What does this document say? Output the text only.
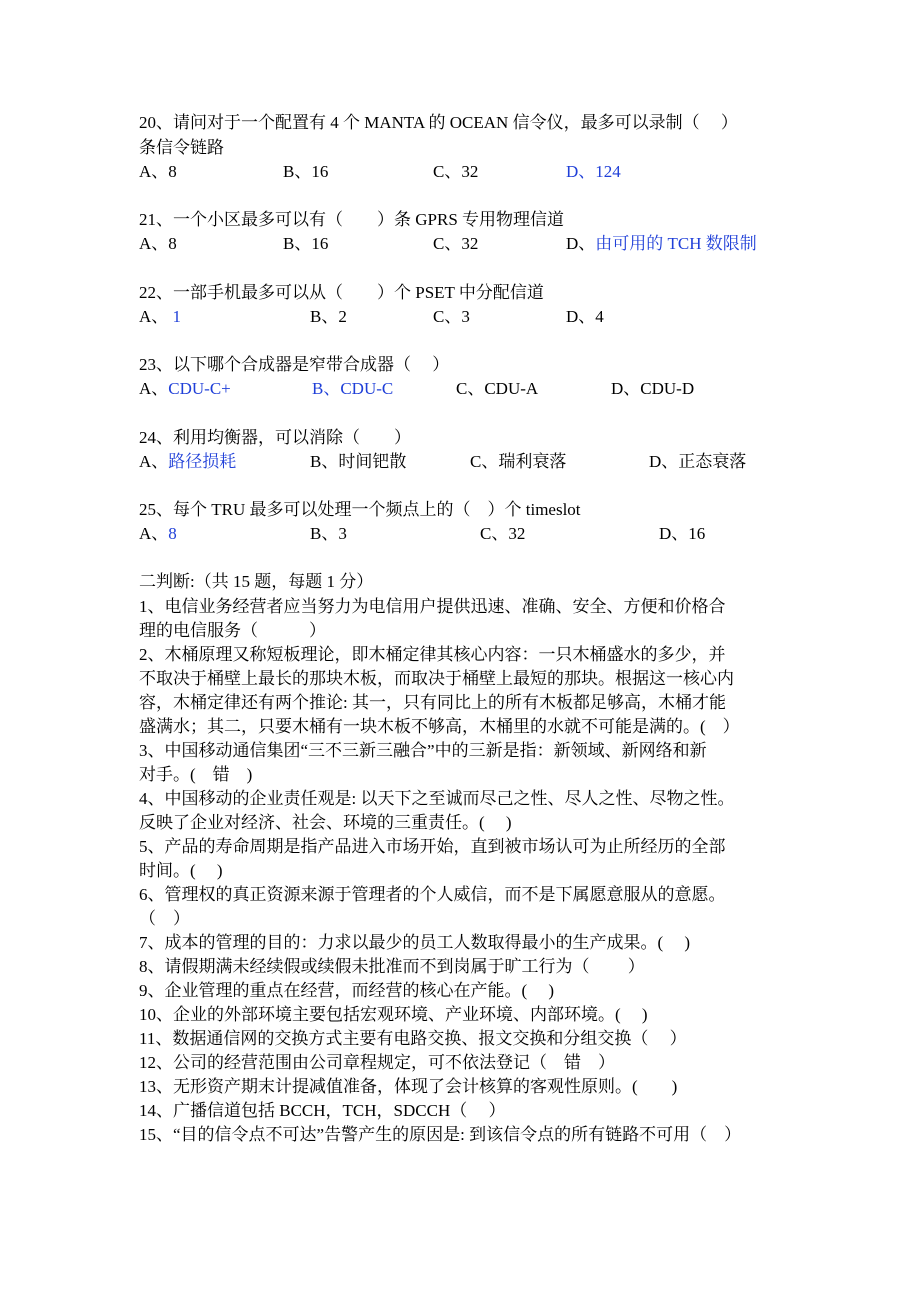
20、请问对于一个配置有 4 个 MANTA 的 OCEAN 信令仪，最多可以录制（　 ）
条信令链路
A、8	B、16	C、32	D、124
21、一个小区最多可以有（　　）条 GPRS 专用物理信道
A、8	B、16	C、32	D、由可用的 TCH 数限制
22、一部手机最多可以从（　　）个 PSET 中分配信道
A、 1	B、2	C、3	D、4
23、以下哪个合成器是窄带合成器（　 ）
A、CDU-C+	B、CDU-C	C、CDU-A	D、CDU-D
24、利用均衡器，可以消除（　　）
A、路径损耗	B、时间钯散	C、瑞利衰落	D、正态衰落
25、每个 TRU 最多可以处理一个频点上的（　）个 timeslot
A、8	B、3	C、32	D、16
二判断:（共 15 题，每题 1 分）
1、电信业务经营者应当努力为电信用户提供迅速、准确、安全、方便和价格合
理的电信服务（　　　）
2、木桶原理又称短板理论，即木桶定律其核心内容：一只木桶盛水的多少，并
不取决于桶壁上最长的那块木板，而取决于桶壁上最短的那块。根据这一核心内
容，木桶定律还有两个推论: 其一，只有同比上的所有木板都足够高，木桶才能
盛满水；其二，只要木桶有一块木板不够高，木桶里的水就不可能是满的。(　）
3、中国移动通信集团“三不三新三融合”中的三新是指：新领域、新网络和新
对手。(　错　)
4、中国移动的企业责任观是: 以天下之至诚而尽己之性、尽人之性、尽物之性。
反映了企业对经济、社会、环境的三重责任。(　 )
5、产品的寿命周期是指产品进入市场开始，直到被市场认可为止所经历的全部
时间。(　 )
6、管理权的真正资源来源于管理者的个人威信，而不是下属愿意服从的意愿。
（　）
7、成本的管理的目的：力求以最少的员工人数取得最小的生产成果。(　 )
8、请假期满未经续假或续假未批准而不到岗属于旷工行为（　　 ）
9、企业管理的重点在经营，而经营的核心在产能。(　 )
10、企业的外部环境主要包括宏观环境、产业环境、内部环境。(　 )
11、数据通信网的交换方式主要有电路交换、报文交换和分组交换（　 ）
12、公司的经营范围由公司章程规定，可不依法登记（　错　）
13、无形资产期末计提减值准备，体现了会计核算的客观性原则。(　　)
14、广播信道包括 BCCH，TCH，SDCCH（　 ）
15、“目的信令点不可达”告警产生的原因是: 到该信令点的所有链路不可用（　）
